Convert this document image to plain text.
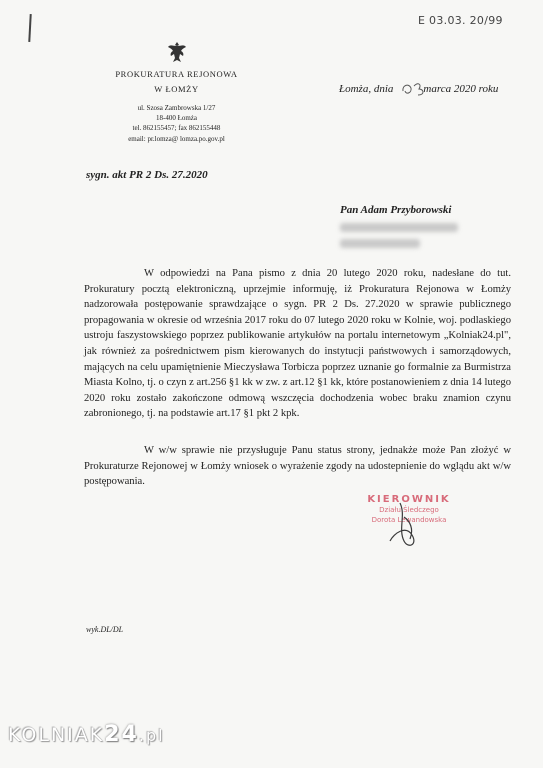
E 03.03. 20/99
PROKURATURA REJONOWA
W ŁOMŻY
ul. Szosa Zambrowska 1/27
18-400 Łomża
tel. 862155457; fax 862155448
email: pr.lomza@ lomza.po.gov.pl
Łomża, dnia	marca 2020 roku
sygn. akt PR 2 Ds. 27.2020
Pan Adam Przyborowski
W odpowiedzi na Pana pismo z dnia 20 lutego 2020 roku, nadesłane do tut. Prokuratury pocztą elektroniczną, uprzejmie informuję, iż Prokuratura Rejonowa w Łomży nadzorowała postępowanie sprawdzające o sygn. PR 2 Ds. 27.2020 w sprawie publicznego propagowania w okresie od września 2017 roku do 07 lutego 2020 roku w Kolnie, woj. podlaskiego ustroju faszystowskiego poprzez publikowanie artykułów na portalu internetowym „Kolniak24.pl", jak również za pośrednictwem pism kierowanych do instytucji państwowych i samorządowych, mających na celu upamiętnienie Mieczysława Torbicza poprzez uznanie go formalnie za Burmistrza Miasta Kolno, tj. o czyn z art.256 §1 kk w zw. z art.12 §1 kk, które postanowieniem z dnia 14 lutego 2020 roku zostało zakończone odmową wszczęcia dochodzenia wobec braku znamion czynu zabronionego, tj. na podstawie art.17 §1 pkt 2 kpk.
W w/w sprawie nie przysługuje Panu status strony, jednakże może Pan złożyć w Prokuraturze Rejonowej w Łomży wniosek o wyrażenie zgody na udostepnienie do wglądu akt w/w postępowania.
KIEROWNIK
Działu Śledczego
Dorota Lewandowska
wyk.DL/DL
KOLNIAK24.pl
